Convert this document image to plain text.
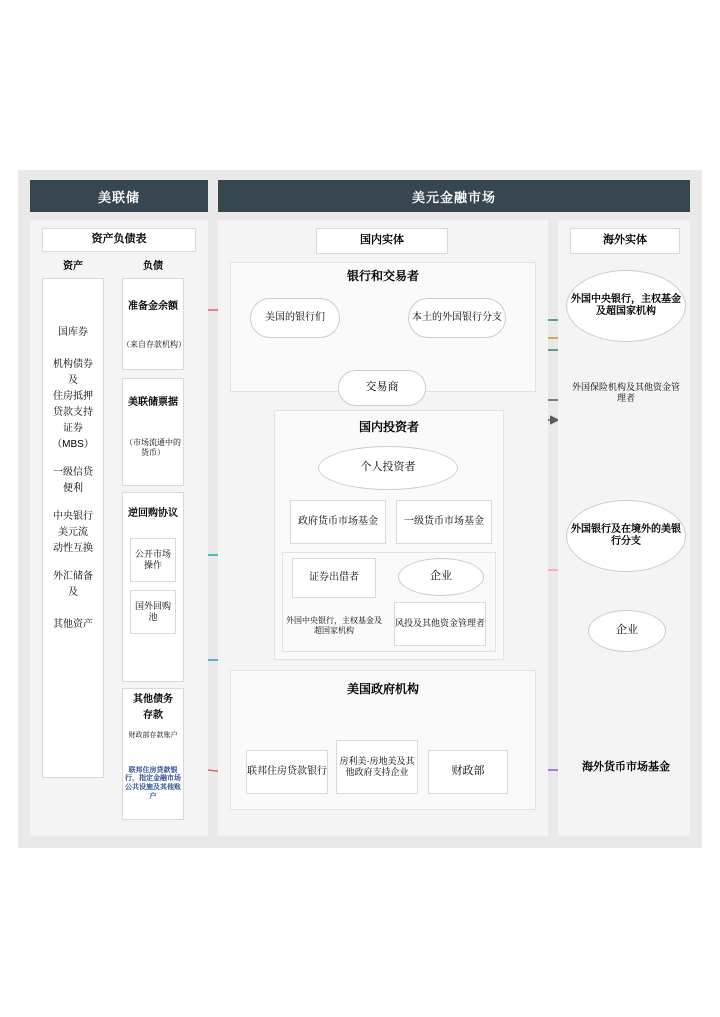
美联储	美元金融市场
资产负债表
资产	负债
国库券
机构债券
及
住房抵押
贷款支持
证券
（MBS）
一级信贷
便利
中央银行
美元流
动性互换
外汇储备
及
其他资产
准备金余额
（来自存款机构）
美联储票据
（市场流通中的货币）
逆回购协议
公开市场操作
国外回购池
其他债务
存款
财政部存款账户
联邦住房贷款银行，指定金融市场公共设施及其他账户
国内实体
银行和交易者
美国的银行们	本土的外国银行分支
交易商
国内投资者
个人投资者
政府货币市场基金	一级货币市场基金
证券出借者	企业
外国中央银行，主权基金及超国家机构
风投及其他资金管理者
美国政府机构
联邦住房贷款银行
房利美·房地美及其他政府支持企业	财政部
海外实体
外国中央银行，主权基金及超国家机构
外国保险机构及其他资金管理者
外国银行及在境外的美银行分支
企业
海外货币市场基金
